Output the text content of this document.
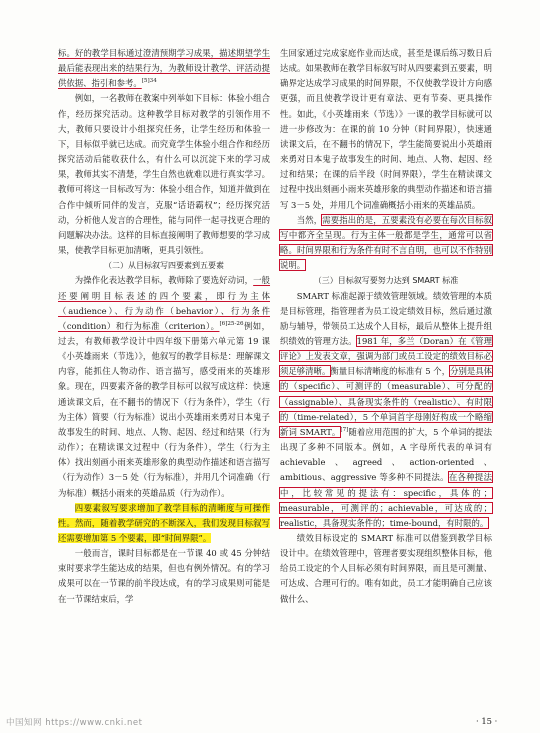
标。好的教学目标通过澄清预期学习成果，描述期望学生最后能表现出来的结果行为，为教师设计教学、评活动提供依据、指引和参考。$^{[5]34}$

例如，一名教师在教案中列举如下目标：体验小组合作，经历探究活动。这种教学目标对教学的引领作用不大，教师只要设计小组探究任务，让学生经历和体验一下，目标似乎就已达成。而究竟学生体验小组合作和经历探究活动后能收获什么，有什么可以沉淀下来的学习成果，教师其实不清楚，学生自然也就难以进行真实学习。教师可将这一目标改写为：体验小组合作，知道并做到在合作中倾听同伴的发言，克服“话语霸权”；经历探究活动，分析他人发言的合理性，能与同伴一起寻找更合理的问题解决办法。这样的目标直接阐明了教师想要的学习成果，使教学目标更加清晰，更具引领性。

（二）从目标叙写四要素到五要素

为操作化表达教学目标，教师除了要选好动词，一般还要阐明目标表述的四个要素，即行为主体（audience）、行为动作（behavior）、行为条件（condition）和行为标准（criterion）。$^{[6]25-26}$例如，过去，有教师教学设计中四年级下册第六单元第 19 课《小英雄雨来（节选）》，他叙写的教学目标是：理解课文内容，能抓住人物动作、语言描写，感受雨来的英雄形象。现在，四要素齐备的教学目标可以叙写成这样：快速通读课文后，在不翻书的情况下（行为条件），学生（行为主体）简要（行为标准）说出小英雄雨来勇对日本鬼子故事发生的时间、地点、人物、起因、经过和结果（行为动作）；在精读课文过程中（行为条件），学生（行为主体）找出刻画小雨来英雄形象的典型动作描述和语言描写（行为动作）3－5 处（行为标准），并用几个词准确（行为标准）概括小雨来的英雄品质（行为动作）。

四要素叙写要求增加了教学目标的清晰度与可操作性。然而，随着教学研究的不断深入，我们发现目标叙写还需要增加第 5 个要素，即“时间界限”。

一般而言，课时目标都是在一节课 40 或 45 分钟结束时要求学生能达成的结果，但也有例外情况。有的学习成果可以在一节课的前半段达成，有的学习成果则可能是在一节课结束后，学

生回家通过完成家庭作业而达成，甚至是课后练习数日后达成。如果教师在教学目标叙写时从四要素到五要素，明确界定达成学习成果的时间界限，不仅使教学设计方向感更强，而且使教学设计更有章法、更有节奏、更具操作性。如此，《小英雄雨来（节选）》一课的教学目标就可以进一步修改为：在课的前 10 分钟（时间界限），快速通读课文后，在不翻书的情况下，学生能简要说出小英雄雨来勇对日本鬼子故事发生的时间、地点、人物、起因、经过和结果；在课的后半段（时间界限），学生在精读课文过程中找出刻画小雨来英雄形象的典型动作描述和语言描写 3－5 处，并用几个词准确概括小雨来的英雄品质。

当然，需要指出的是，五要素没有必要在每次目标叙写中都齐全呈现。行为主体一般都是学生，通常可以省略。时间界限和行为条件有时不言自明，也可以不作特别说明。

（三）目标叙写要努力达到 SMART 标准

SMART 标准起源于绩效管理领域。绩效管理的本质是目标管理，指管理者为员工设定绩效目标，然后通过激励与辅导，带领员工达成个人目标，最后从整体上提升组织绩效的管理方法。1981 年，多兰（Doran）在《管理评论》上发表文章，强调为部门或员工设定的绩效目标必须足够清晰。衡量目标清晰度的标准有 5 个，分别是具体的（specific）、可测评的（measurable）、可分配的（assignable）、具备现实条件的（realistic）、有时限的（time-related），5 个单词首字母刚好构成一个略缩新词 SMART。[7]随着应用范围的扩大，5 个单词的提法出现了多种不同版本。例如，A 字母所代表的单词有 achievable、agreed、action-oriented、ambitious、aggressive 等多种不同提法。在各种提法中，比较常见的提法有：specific，具体的；measurable，可测评的；achievable，可达成的；realistic，具备现实条件的；time-bound，有时限的。

绩效目标设定的 SMART 标准可以借鉴到教学目标设计中。在绩效管理中，管理者要实现组织整体目标，他给员工设定的个人目标必须有时间界限，而且是可测量、可达成、合理可行的。唯有如此，员工才能明确自己应该做什么、

· 15 ·
中国知网 https://www.cnki.net
